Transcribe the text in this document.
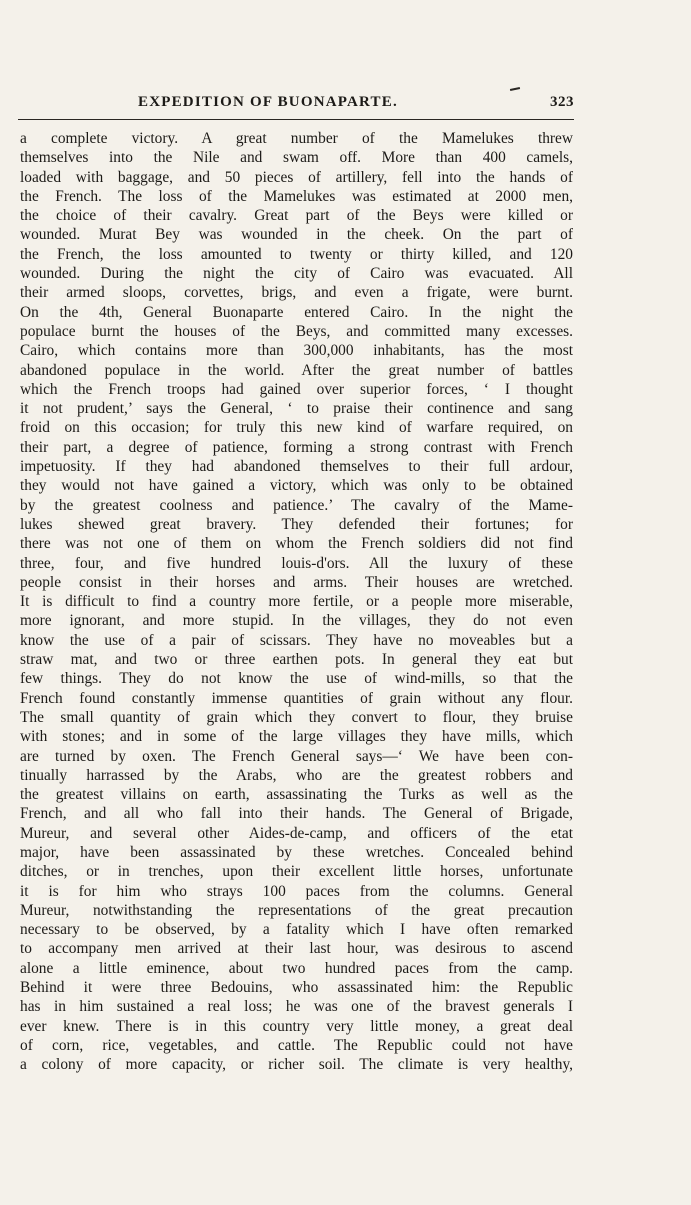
EXPEDITION OF BUONAPARTE.	323
a complete victory. A great number of the Mamelukes threw
themselves into the Nile and swam off. More than 400 camels,
loaded with baggage, and 50 pieces of artillery, fell into the hands of
the French. The loss of the Mamelukes was estimated at 2000 men,
the choice of their cavalry. Great part of the Beys were killed or
wounded. Murat Bey was wounded in the cheek. On the part of
the French, the loss amounted to twenty or thirty killed, and 120
wounded. During the night the city of Cairo was evacuated. All
their armed sloops, corvettes, brigs, and even a frigate, were burnt.
On the 4th, General Buonaparte entered Cairo. In the night the
populace burnt the houses of the Beys, and committed many excesses.
Cairo, which contains more than 300,000 inhabitants, has the most
abandoned populace in the world. After the great number of battles
which the French troops had gained over superior forces, ‘ I thought
it not prudent,’ says the General, ‘ to praise their continence and sang
froid on this occasion; for truly this new kind of warfare required, on
their part, a degree of patience, forming a strong contrast with French
impetuosity. If they had abandoned themselves to their full ardour,
they would not have gained a victory, which was only to be obtained
by the greatest coolness and patience.’ The cavalry of the Mame-
lukes shewed great bravery. They defended their fortunes; for
there was not one of them on whom the French soldiers did not find
three, four, and five hundred louis-d'ors. All the luxury of these
people consist in their horses and arms. Their houses are wretched.
It is difficult to find a country more fertile, or a people more miserable,
more ignorant, and more stupid. In the villages, they do not even
know the use of a pair of scissars. They have no moveables but a
straw mat, and two or three earthen pots. In general they eat but
few things. They do not know the use of wind-mills, so that the
French found constantly immense quantities of grain without any flour.
The small quantity of grain which they convert to flour, they bruise
with stones; and in some of the large villages they have mills, which
are turned by oxen. The French General says—‘ We have been con-
tinually harrassed by the Arabs, who are the greatest robbers and
the greatest villains on earth, assassinating the Turks as well as the
French, and all who fall into their hands. The General of Brigade,
Mureur, and several other Aides-de-camp, and officers of the etat
major, have been assassinated by these wretches. Concealed behind
ditches, or in trenches, upon their excellent little horses, unfortunate
it is for him who strays 100 paces from the columns. General
Mureur, notwithstanding the representations of the great precaution
necessary to be observed, by a fatality which I have often remarked
to accompany men arrived at their last hour, was desirous to ascend
alone a little eminence, about two hundred paces from the camp.
Behind it were three Bedouins, who assassinated him: the Republic
has in him sustained a real loss; he was one of the bravest generals I
ever knew. There is in this country very little money, a great deal
of corn, rice, vegetables, and cattle. The Republic could not have
a colony of more capacity, or richer soil. The climate is very healthy,
